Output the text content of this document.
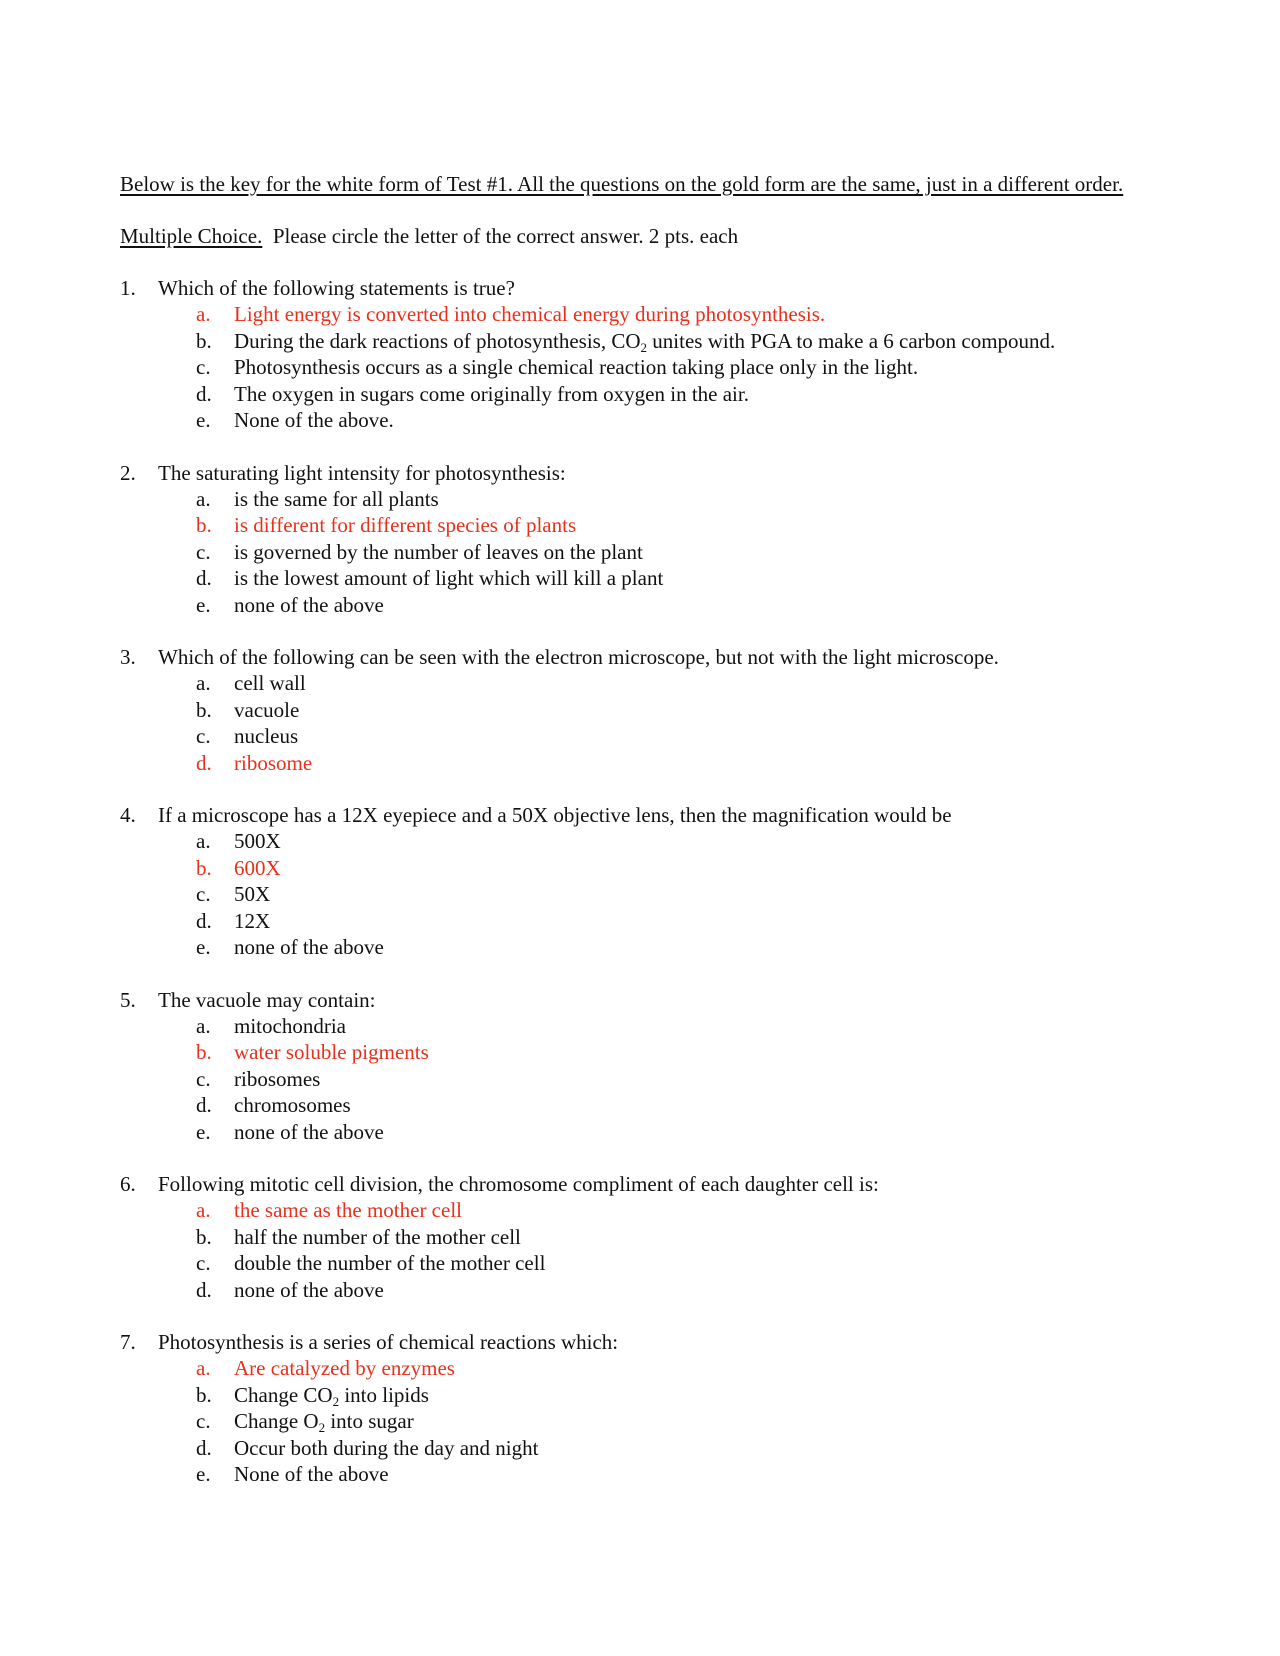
Below is the key for the white form of Test #1. All the questions on the gold form are the same, just in a different order.

Multiple Choice. Please circle the letter of the correct answer. 2 pts. each

1.	Which of the following statements is true?
a.	Light energy is converted into chemical energy during photosynthesis.
b.	During the dark reactions of photosynthesis, $CO_2$ unites with PGA to make a 6 carbon compound.
c.	Photosynthesis occurs as a single chemical reaction taking place only in the light.
d.	The oxygen in sugars come originally from oxygen in the air.
e.	None of the above.
2.	The saturating light intensity for photosynthesis:
a.	is the same for all plants
b.	is different for different species of plants
c.	is governed by the number of leaves on the plant
d.	is the lowest amount of light which will kill a plant
e.	none of the above
3.	Which of the following can be seen with the electron microscope, but not with the light microscope.
a.	cell wall
b.	vacuole
c.	nucleus
d.	ribosome
4.	If a microscope has a 12X eyepiece and a 50X objective lens, then the magnification would be
a.	500X
b.	600X
c.	50X
d.	12X
e.	none of the above
5.	The vacuole may contain:
a.	mitochondria
b.	water soluble pigments
c.	ribosomes
d.	chromosomes
e.	none of the above
6.	Following mitotic cell division, the chromosome compliment of each daughter cell is:
a.	the same as the mother cell
b.	half the number of the mother cell
c.	double the number of the mother cell
d.	none of the above
7.	Photosynthesis is a series of chemical reactions which:
a.	Are catalyzed by enzymes
b.	Change $CO_2$ into lipids
c.	Change $O_2$ into sugar
d.	Occur both during the day and night
e.	None of the above
